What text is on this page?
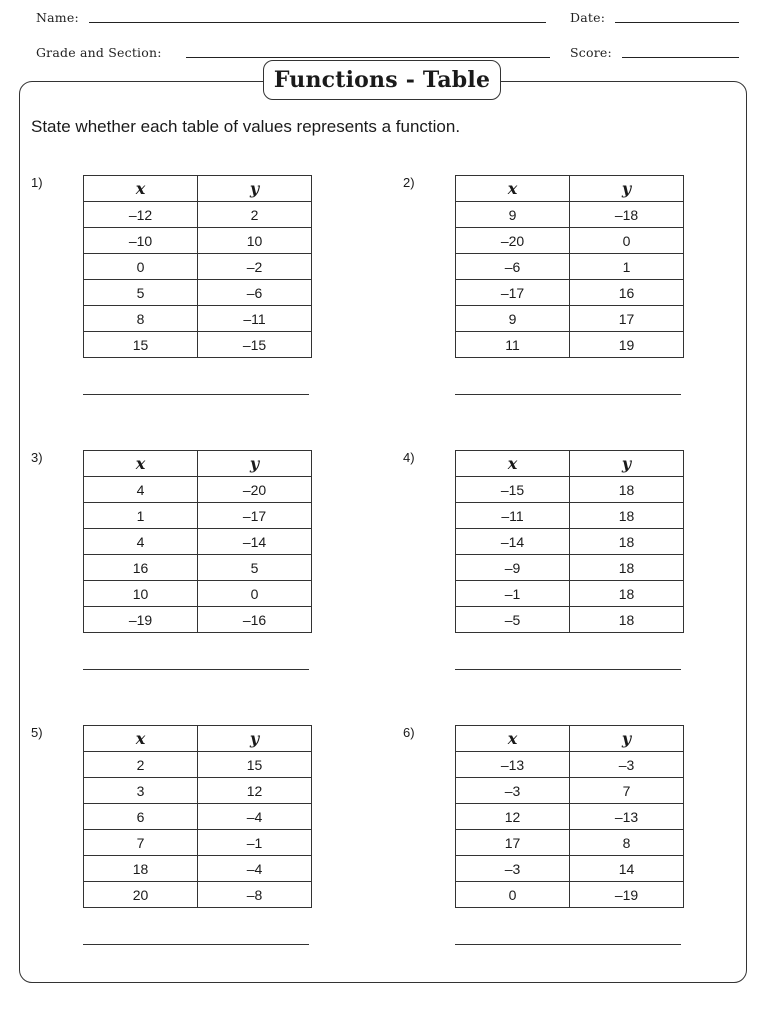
Name:	Date:
Grade and Section:	Score:
Functions - Table
State whether each table of values represents a function.
1)	x	y
–12	2
–10	10
0	–2
5	–6
8	–11
15	–15
2)	x	y
9	–18
–20	0
–6	1
–17	16
9	17
11	19
3)	x	y
4	–20
1	–17
4	–14
16	5
10	0
–19	–16
4)	x	y
–15	18
–11	18
–14	18
–9	18
–1	18
–5	18
5)	x	y
2	15
3	12
6	–4
7	–1
18	–4
20	–8
6)	x	y
–13	–3
–3	7
12	–13
17	8
–3	14
0	–19
